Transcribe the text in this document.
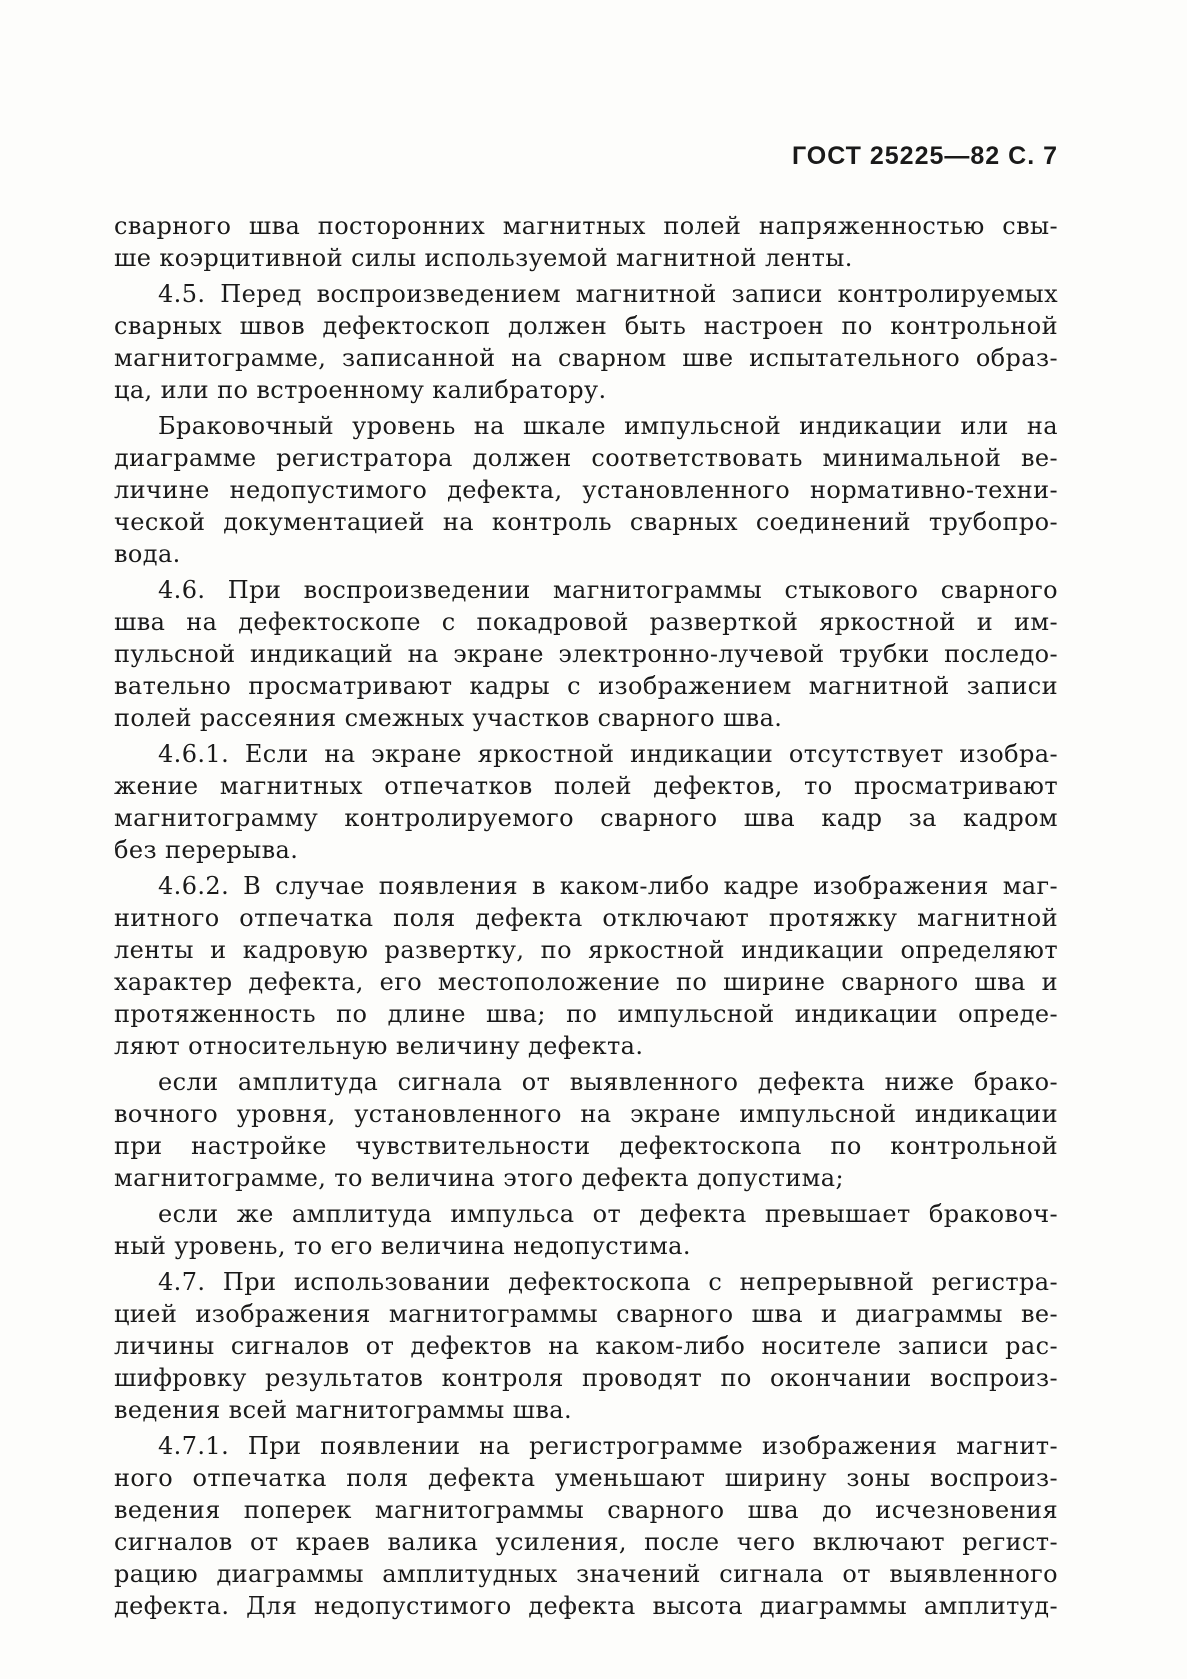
ГОСТ 25225—82 С. 7
сварного шва посторонних магнитных полей напряженностью свы-
ше коэрцитивной силы используемой магнитной ленты.
4.5. Перед воспроизведением магнитной записи контролируемых
сварных швов дефектоскоп должен быть настроен по контрольной
магнитограмме, записанной на сварном шве испытательного образ-
ца, или по встроенному калибратору.
Браковочный уровень на шкале импульсной индикации или на
диаграмме регистратора должен соответствовать минимальной ве-
личине недопустимого дефекта, установленного нормативно-техни-
ческой документацией на контроль сварных соединений трубопро-
вода.
4.6. При воспроизведении магнитограммы стыкового сварного
шва на дефектоскопе с покадровой разверткой яркостной и им-
пульсной индикаций на экране электронно-лучевой трубки последо-
вательно просматривают кадры с изображением магнитной записи
полей рассеяния смежных участков сварного шва.
4.6.1. Если на экране яркостной индикации отсутствует изобра-
жение магнитных отпечатков полей дефектов, то просматривают
магнитограмму контролируемого сварного шва кадр за кадром
без перерыва.
4.6.2. В случае появления в каком-либо кадре изображения маг-
нитного отпечатка поля дефекта отключают протяжку магнитной
ленты и кадровую развертку, по яркостной индикации определяют
характер дефекта, его местоположение по ширине сварного шва и
протяженность по длине шва; по импульсной индикации опреде-
ляют относительную величину дефекта.
если амплитуда сигнала от выявленного дефекта ниже брако-
вочного уровня, установленного на экране импульсной индикации
при настройке чувствительности дефектоскопа по контрольной
магнитограмме, то величина этого дефекта допустима;
если же амплитуда импульса от дефекта превышает браковоч-
ный уровень, то его величина недопустима.
4.7. При использовании дефектоскопа с непрерывной регистра-
цией изображения магнитограммы сварного шва и диаграммы ве-
личины сигналов от дефектов на каком-либо носителе записи рас-
шифровку результатов контроля проводят по окончании воспроиз-
ведения всей магнитограммы шва.
4.7.1. При появлении на регистрограмме изображения магнит-
ного отпечатка поля дефекта уменьшают ширину зоны воспроиз-
ведения поперек магнитограммы сварного шва до исчезновения
сигналов от краев валика усиления, после чего включают регист-
рацию диаграммы амплитудных значений сигнала от выявленного
дефекта. Для недопустимого дефекта высота диаграммы амплитуд-
